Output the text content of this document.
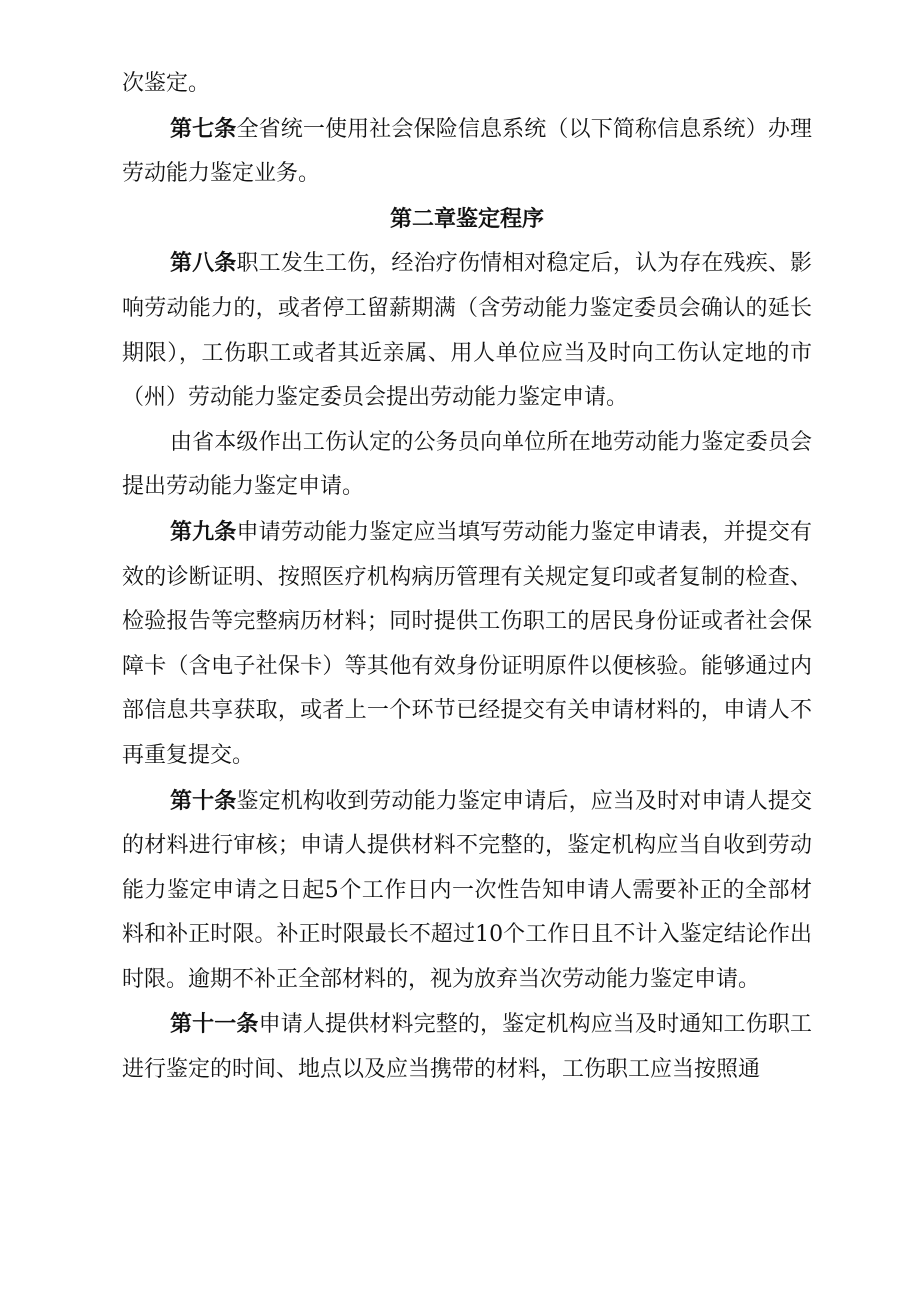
次鉴定。

第七条全省统一使用社会保险信息系统（以下简称信息系统）办理劳动能力鉴定业务。

第二章鉴定程序

第八条职工发生工伤，经治疗伤情相对稳定后，认为存在残疾、影响劳动能力的，或者停工留薪期满（含劳动能力鉴定委员会确认的延长期限），工伤职工或者其近亲属、用人单位应当及时向工伤认定地的市（州）劳动能力鉴定委员会提出劳动能力鉴定申请。

由省本级作出工伤认定的公务员向单位所在地劳动能力鉴定委员会提出劳动能力鉴定申请。

第九条申请劳动能力鉴定应当填写劳动能力鉴定申请表，并提交有效的诊断证明、按照医疗机构病历管理有关规定复印或者复制的检查、检验报告等完整病历材料；同时提供工伤职工的居民身份证或者社会保障卡（含电子社保卡）等其他有效身份证明原件以便核验。能够通过内部信息共享获取，或者上一个环节已经提交有关申请材料的，申请人不再重复提交。

第十条鉴定机构收到劳动能力鉴定申请后，应当及时对申请人提交的材料进行审核；申请人提供材料不完整的，鉴定机构应当自收到劳动能力鉴定申请之日起5个工作日内一次性告知申请人需要补正的全部材料和补正时限。补正时限最长不超过10个工作日且不计入鉴定结论作出时限。逾期不补正全部材料的，视为放弃当次劳动能力鉴定申请。

第十一条申请人提供材料完整的，鉴定机构应当及时通知工伤职工进行鉴定的时间、地点以及应当携带的材料，工伤职工应当按照通
